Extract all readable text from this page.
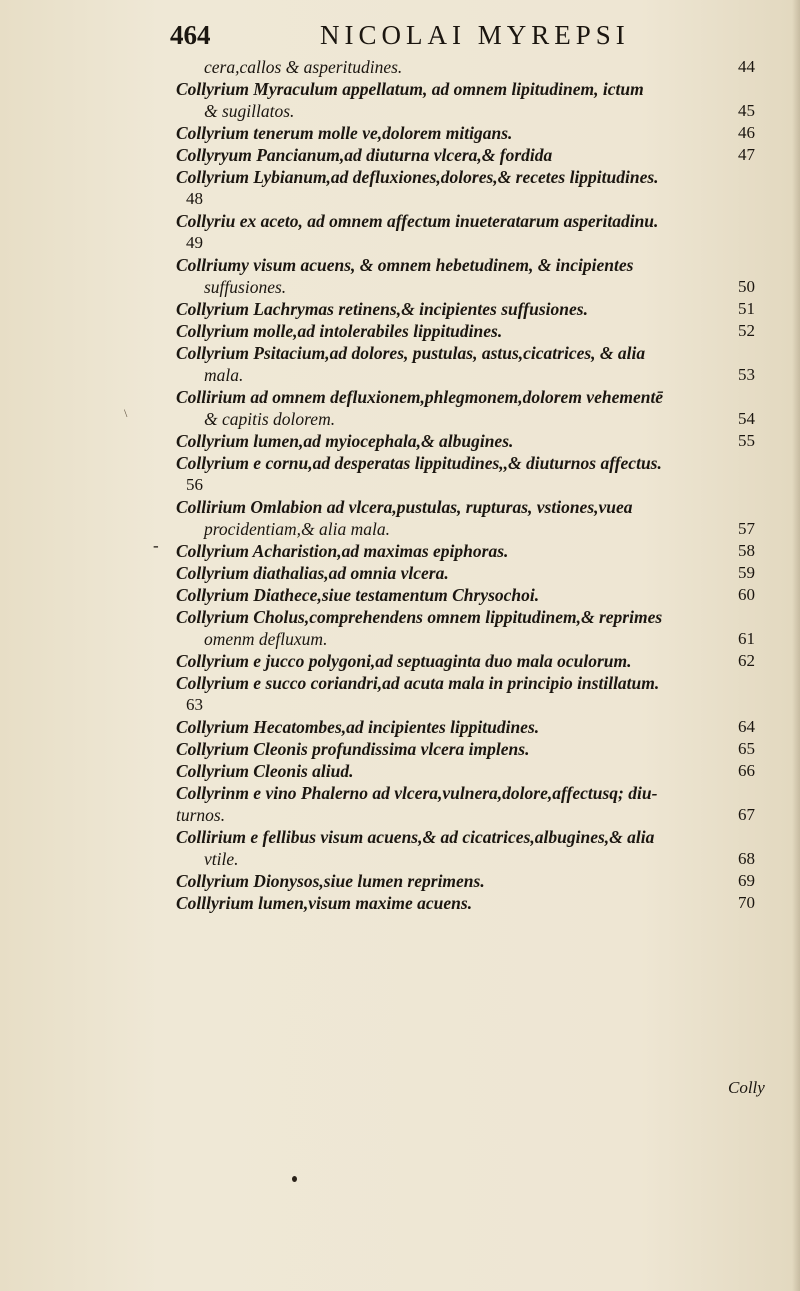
464	NICOLAI MYREPSI
\
-
cera,callos & asperitudines.	44
Collyrium Myraculum appellatum, ad omnem lipitudinem, ictum
& sugillatos.	45
Collyrium tenerum molle ve,dolorem mitigans.	46
Collyryum Pancianum,ad diuturna vlcera,& fordida	47
Collyrium Lybianum,ad defluxiones,dolores,& recetes lippitudines.
48
Collyriu ex aceto, ad omnem affectum inueteratarum asperitadinu.
49
Collriumy visum acuens, & omnem hebetudinem, & incipientes
suffusiones.	50
Collyrium Lachrymas retinens,& incipientes suffusiones.	51
Collyrium molle,ad intolerabiles lippitudines.	52
Collyrium Psitacium,ad dolores, pustulas, astus,cicatrices, & alia
mala.	53
Collirium ad omnem defluxionem,phlegmonem,dolorem vehementē
& capitis dolorem.	54
Collyrium lumen,ad myiocephala,& albugines.	55
Collyrium e cornu,ad desperatas lippitudines,,& diuturnos affectus.
56
Collirium Omlabion ad vlcera,pustulas, rupturas, vstiones,vuea
procidentiam,& alia mala.	57
Collyrium Acharistion,ad maximas epiphoras.	58
Collyrium diathalias,ad omnia vlcera.	59
Collyrium Diathece,siue testamentum Chrysochoi.	60
Collyrium Cholus,comprehendens omnem lippitudinem,& reprimes
omenm defluxum.	61
Collyrium e jucco polygoni,ad septuaginta duo mala oculorum.	62
Collyrium e succo coriandri,ad acuta mala in principio instillatum.
63
Collyrium Hecatombes,ad incipientes lippitudines.	64
Collyrium Cleonis profundissima vlcera implens.	65
Collyrium Cleonis aliud.	66
Collyrinm e vino Phalerno ad vlcera,vulnera,dolore,affectusq; diu-
turnos.	67
Collirium e fellibus visum acuens,& ad cicatrices,albugines,& alia
vtile.	68
Collyrium Dionysos,siue lumen reprimens.	69
Colllyrium lumen,visum maxime acuens.	70
Colly
